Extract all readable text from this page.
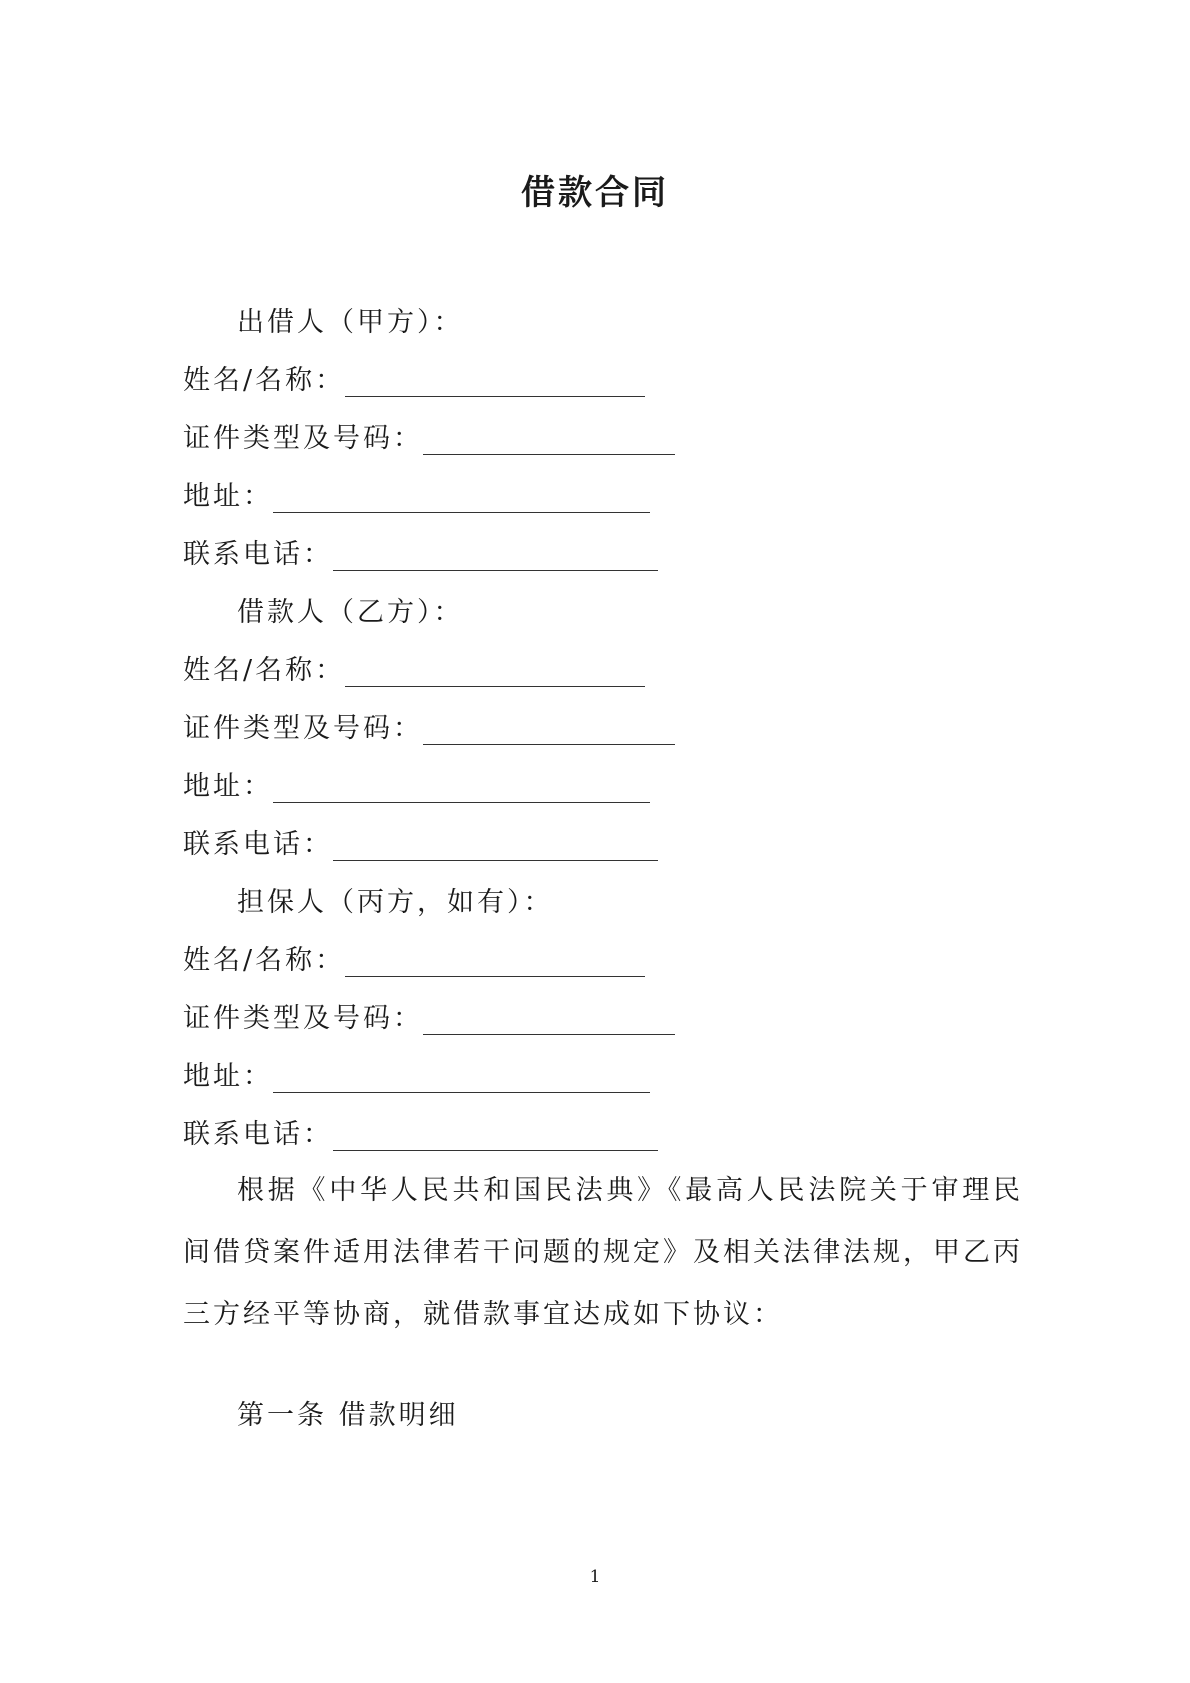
借款合同
出借人（甲方）：
姓名/名称：
证件类型及号码：
地址：
联系电话：
借款人（乙方）：
姓名/名称：
证件类型及号码：
地址：
联系电话：
担保人（丙方，如有）：
姓名/名称：
证件类型及号码：
地址：
联系电话：
根据《中华人民共和国民法典》《最高人民法院关于审理民间借贷案件适用法律若干问题的规定》及相关法律法规，甲乙丙三方经平等协商，就借款事宜达成如下协议：
第一条 借款明细
1
